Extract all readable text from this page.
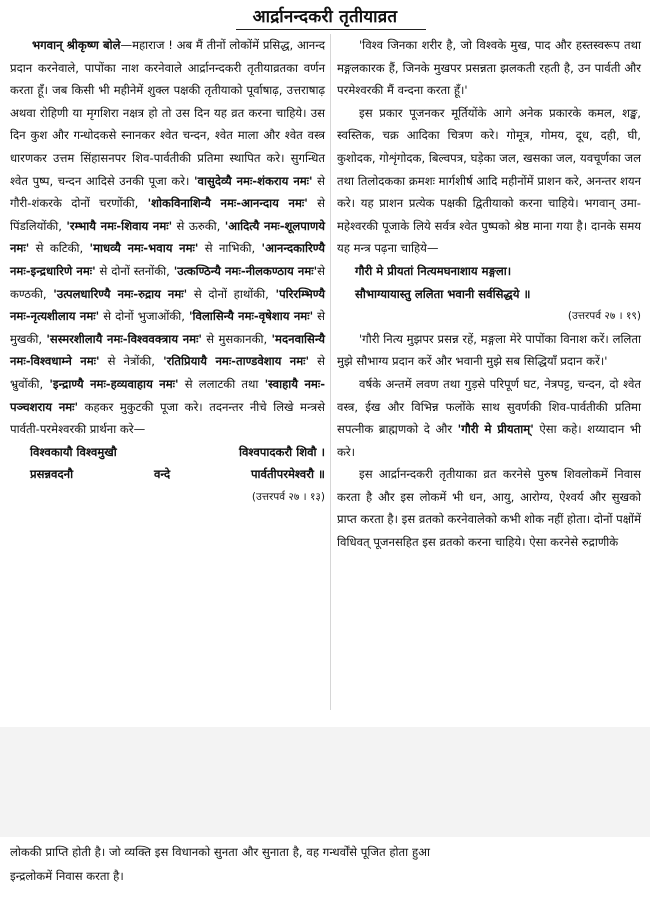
आर्द्रानन्दकरी तृतीयाव्रत

भगवान् श्रीकृष्ण बोले—महाराज ! अब मैं तीनों लोकोंमें प्रसिद्ध, आनन्द प्रदान करनेवाले, पापोंका नाश करनेवाले आर्द्रानन्दकरी तृतीयाव्रतका वर्णन करता हूँ। जब किसी भी महीनेमें शुक्ल पक्षकी तृतीयाको पूर्वाषाढ़, उत्तराषाढ़ अथवा रोहिणी या मृगशिरा नक्षत्र हो तो उस दिन यह व्रत करना चाहिये। उस दिन कुश और गन्धोदकसे स्नानकर श्वेत चन्दन, श्वेत माला और श्वेत वस्त्र धारणकर उत्तम सिंहासनपर शिव-पार्वतीकी प्रतिमा स्थापित करे। सुगन्धित श्वेत पुष्प, चन्दन आदिसे उनकी पूजा करे। 'वासुदेव्यै नमः-शंकराय नमः' से गौरी-शंकरके दोनों चरणोंकी, 'शोकविनाशिन्यै नमः-आनन्दाय नमः' से पिंडलियोंकी, 'रम्भायै नमः-शिवाय नमः' से ऊरुकी, 'आदित्यै नमः-शूलपाणये नमः' से कटिकी, 'माधव्यै नमः-भवाय नमः' से नाभिकी, 'आनन्दकारिण्यै नमः-इन्द्रधारिणे नमः' से दोनों स्तनोंकी, 'उत्कण्ठिन्यै नमः-नीलकण्ठाय नमः'से कण्ठकी, 'उत्पलधारिण्यै नमः-रुद्राय नमः' से दोनों हाथोंकी, 'परिरम्भिण्यै नमः-नृत्यशीलाय नमः' से दोनों भुजाओंकी, 'विलासिन्यै नमः-वृषेशाय नमः' से मुखकी, 'सस्मरशीलायै नमः-विश्ववक्त्राय नमः' से मुसकानकी, 'मदनवासिन्यै नमः-विश्वधाम्ने नमः' से नेत्रोंकी, 'रतिप्रियायै नमः-ताण्डवेशाय नमः' से भ्रुवोंकी, 'इन्द्राण्यै नमः-हव्यवाहाय नमः' से ललाटकी तथा 'स्वाहायै नमः-पञ्चशराय नमः' कहकर मुकुटकी पूजा करे। तदनन्तर नीचे लिखे मन्त्रसे पार्वती-परमेश्वरकी प्रार्थना करे—

विश्वकायौ विश्वमुखौ	विश्वपादकरौ शिवौ ।
प्रसन्नवदनौ	वन्दे	पार्वतीपरमेश्वरौ ॥
(उत्तरपर्व २७ । १३)

'विश्व जिनका शरीर है, जो विश्वके मुख, पाद और हस्तस्वरूप तथा मङ्गलकारक हैं, जिनके मुखपर प्रसन्नता झलकती रहती है, उन पार्वती और परमेश्वरकी मैं वन्दना करता हूँ।'

इस प्रकार पूजनकर मूर्तियोंके आगे अनेक प्रकारके कमल, शङ्ख, स्वस्तिक, चक्र आदिका चित्रण करे। गोमूत्र, गोमय, दूध, दही, घी, कुशोदक, गोशृंगोदक, बिल्वपत्र, घड़ेका जल, खसका जल, यवचूर्णका जल तथा तिलोदकका क्रमशः मार्गशीर्ष आदि महीनोंमें प्राशन करे, अनन्तर शयन करे। यह प्राशन प्रत्येक पक्षकी द्वितीयाको करना चाहिये। भगवान् उमा-महेश्वरकी पूजाके लिये सर्वत्र श्वेत पुष्पको श्रेष्ठ माना गया है। दानके समय यह मन्त्र पढ़ना चाहिये—

गौरी मे प्रीयतां नित्यमघनाशाय मङ्गला।
सौभाग्यायास्तु ललिता भवानी सर्वसिद्धये ॥
(उत्तरपर्व २७ । १९)

'गौरी नित्य मुझपर प्रसन्न रहें, मङ्गला मेरे पापोंका विनाश करें। ललिता मुझे सौभाग्य प्रदान करें और भवानी मुझे सब सिद्धियाँ प्रदान करें।'

वर्षके अन्तमें लवण तथा गुड़से परिपूर्ण घट, नेत्रपट्ट, चन्दन, दो श्वेत वस्त्र, ईख और विभिन्न फलोंके साथ सुवर्णकी शिव-पार्वतीकी प्रतिमा सपत्नीक ब्राह्मणको दे और 'गौरी मे प्रीयताम्' ऐसा कहे। शय्यादान भी करे।

इस आर्द्रानन्दकरी तृतीयाका व्रत करनेसे पुरुष शिवलोकमें निवास करता है और इस लोकमें भी धन, आयु, आरोग्य, ऐश्वर्य और सुखको प्राप्त करता है। इस व्रतको करनेवालेको कभी शोक नहीं होता। दोनों पक्षोंमें विधिवत् पूजनसहित इस व्रतको करना चाहिये। ऐसा करनेसे रुद्राणीके

लोककी प्राप्ति होती है। जो व्यक्ति इस विधानको सुनता और सुनाता है, वह गन्धर्वोंसे पूजित होता हुआ इन्द्रलोकमें निवास करता है।
